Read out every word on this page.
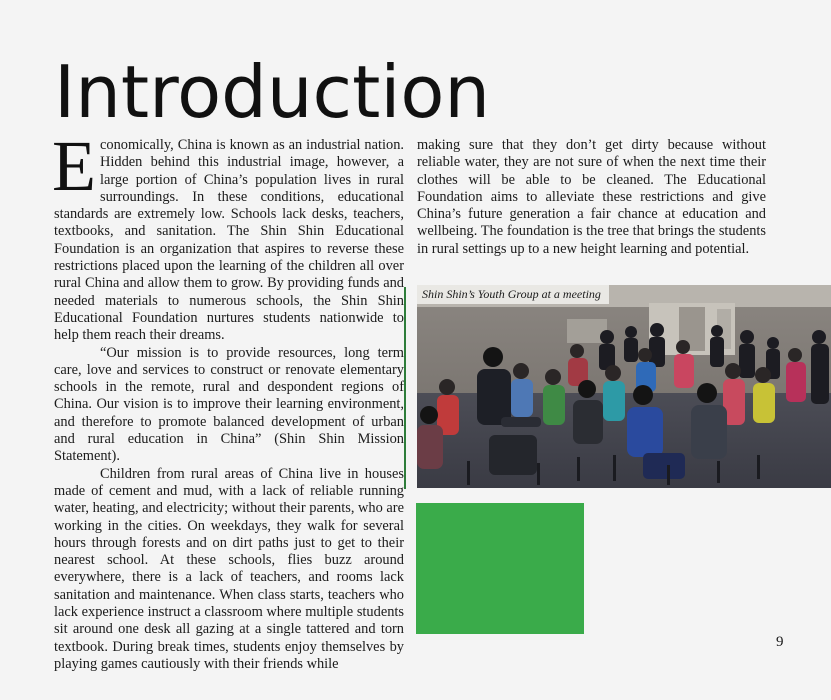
Introduction

Economically, China is known as an industrial nation. Hidden behind this industrial image, however, a large portion of China’s population lives in rural surroundings. In these conditions, educational standards are extremely low. Schools lack desks, teachers, textbooks, and sanitation. The Shin Shin Educational Foundation is an organization that aspires to reverse these restrictions placed upon the learning of the children all over rural China and allow them to grow. By providing funds and needed materials to numerous schools, the Shin Shin Educational Foundation nurtures students nationwide to help them reach their dreams.

“Our mission is to provide resources, long term care, love and services to construct or renovate elementary schools in the remote, rural and despondent regions of China. Our vision is to improve their learning environment, and therefore to promote balanced development of urban and rural education in China” (Shin Shin Mission Statement).

Children from rural areas of China live in houses made of cement and mud, with a lack of reliable running water, heating, and electricity; without their parents, who are working in the cities. On weekdays, they walk for several hours through forests and on dirt paths just to get to their nearest school. At these schools, flies buzz around everywhere, there is a lack of teachers, and rooms lack sanitation and maintenance. When class starts, teachers who lack experience instruct a classroom where multiple students sit around one desk all gazing at a single tattered and torn textbook. During break times, students enjoy themselves by playing games cautiously with their friends while

making sure that they don’t get dirty because without reliable water, they are not sure of when the next time their clothes will be able to be cleaned. The Educational Foundation aims to alleviate these restrictions and give China’s future generation a fair chance at education and wellbeing. The foundation is the tree that brings the students in rural settings up to a new height learning and potential.

Shin Shin’s Youth Group at a meeting
9
